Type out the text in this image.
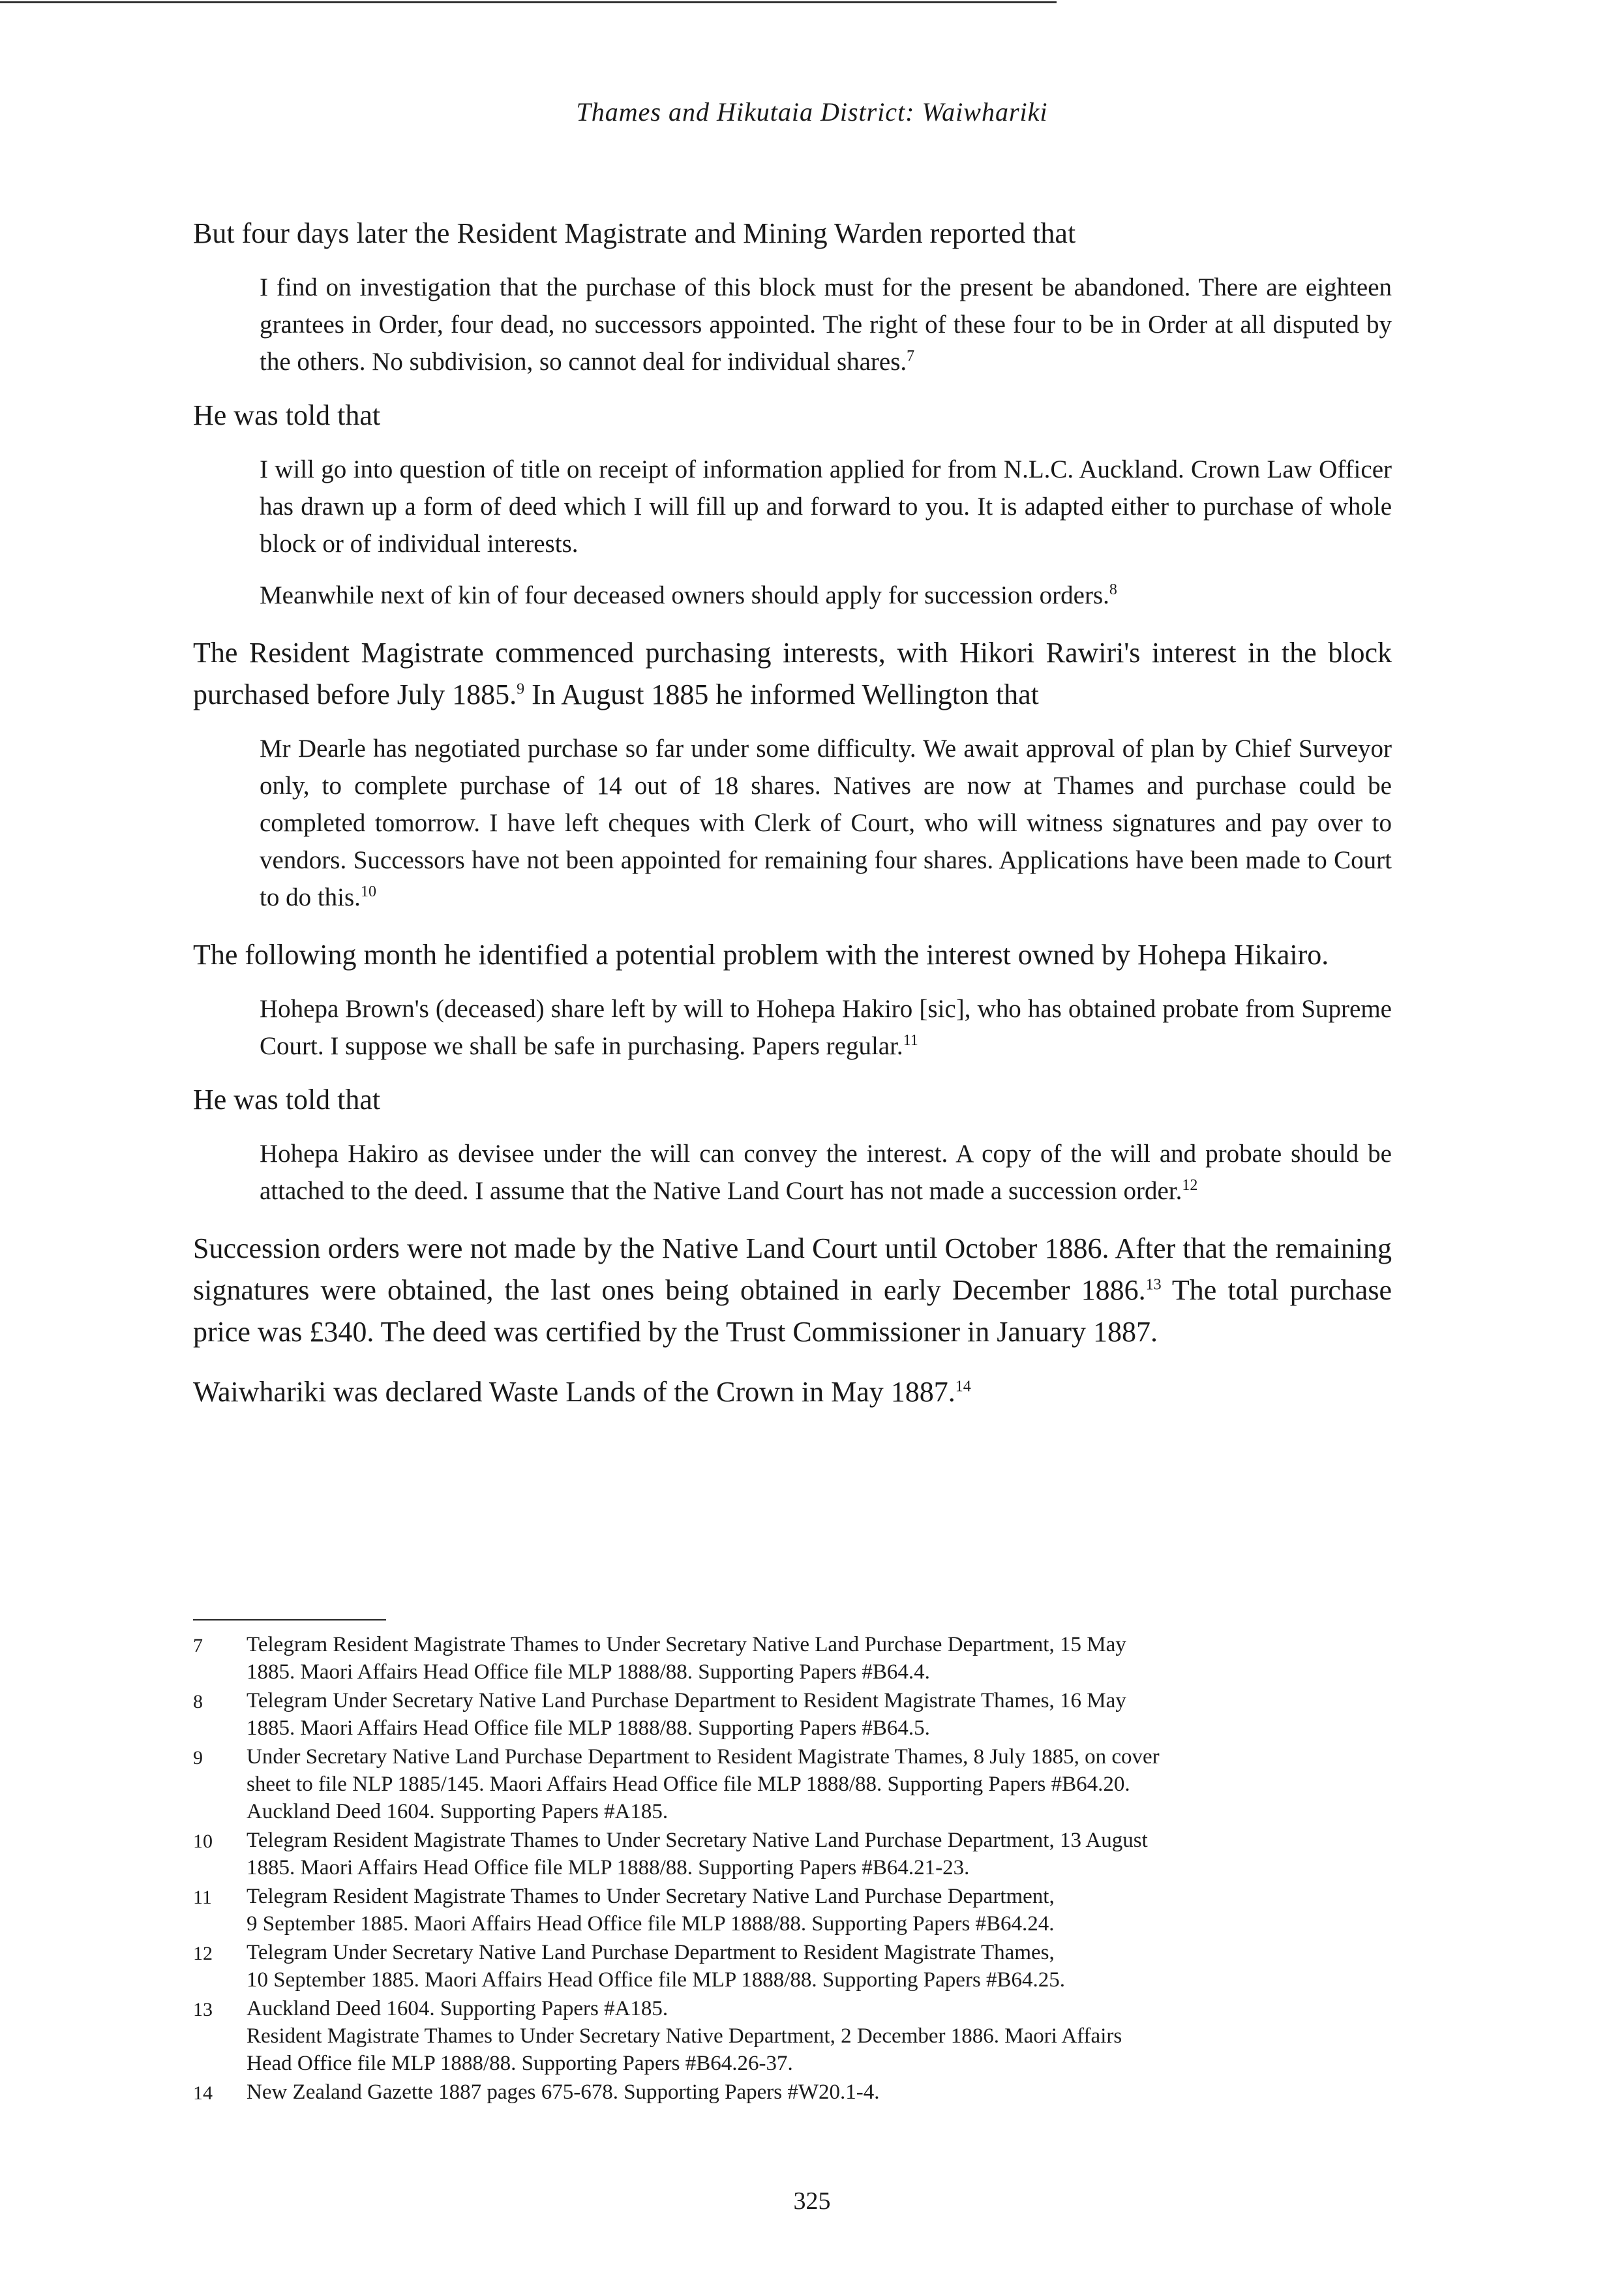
Thames and Hikutaia District: Waiwhariki

But four days later the Resident Magistrate and Mining Warden reported that

I find on investigation that the purchase of this block must for the present be abandoned. There are eighteen grantees in Order, four dead, no successors appointed. The right of these four to be in Order at all disputed by the others. No subdivision, so cannot deal for individual shares.$^7$

He was told that

I will go into question of title on receipt of information applied for from N.L.C. Auckland. Crown Law Officer has drawn up a form of deed which I will fill up and forward to you. It is adapted either to purchase of whole block or of individual interests.

Meanwhile next of kin of four deceased owners should apply for succession orders.$^8$

The Resident Magistrate commenced purchasing interests, with Hikori Rawiri's interest in the block purchased before July 1885.$^9$ In August 1885 he informed Wellington that

Mr Dearle has negotiated purchase so far under some difficulty. We await approval of plan by Chief Surveyor only, to complete purchase of 14 out of 18 shares. Natives are now at Thames and purchase could be completed tomorrow. I have left cheques with Clerk of Court, who will witness signatures and pay over to vendors. Successors have not been appointed for remaining four shares. Applications have been made to Court to do this.$^{10}$

The following month he identified a potential problem with the interest owned by Hohepa Hikairo.

Hohepa Brown's (deceased) share left by will to Hohepa Hakiro [sic], who has obtained probate from Supreme Court. I suppose we shall be safe in purchasing. Papers regular.$^{11}$

He was told that

Hohepa Hakiro as devisee under the will can convey the interest. A copy of the will and probate should be attached to the deed. I assume that the Native Land Court has not made a succession order.$^{12}$

Succession orders were not made by the Native Land Court until October 1886. After that the remaining signatures were obtained, the last ones being obtained in early December 1886.13 The total purchase price was £340. The deed was certified by the Trust Commissioner in January 1887.

Waiwhariki was declared Waste Lands of the Crown in May 1887.14

7	Telegram Resident Magistrate Thames to Under Secretary Native Land Purchase Department, 15 May
1885. Maori Affairs Head Office file MLP 1888/88. Supporting Papers #B64.4.
8	Telegram Under Secretary Native Land Purchase Department to Resident Magistrate Thames, 16 May
1885. Maori Affairs Head Office file MLP 1888/88. Supporting Papers #B64.5.
9	Under Secretary Native Land Purchase Department to Resident Magistrate Thames, 8 July 1885, on cover
sheet to file NLP 1885/145. Maori Affairs Head Office file MLP 1888/88. Supporting Papers #B64.20.
Auckland Deed 1604. Supporting Papers #A185.
10	Telegram Resident Magistrate Thames to Under Secretary Native Land Purchase Department, 13 August
1885. Maori Affairs Head Office file MLP 1888/88. Supporting Papers #B64.21-23.
11	Telegram Resident Magistrate Thames to Under Secretary Native Land Purchase Department,
9 September 1885. Maori Affairs Head Office file MLP 1888/88. Supporting Papers #B64.24.
12	Telegram Under Secretary Native Land Purchase Department to Resident Magistrate Thames,
10 September 1885. Maori Affairs Head Office file MLP 1888/88. Supporting Papers #B64.25.
13	Auckland Deed 1604. Supporting Papers #A185.
Resident Magistrate Thames to Under Secretary Native Department, 2 December 1886. Maori Affairs
Head Office file MLP 1888/88. Supporting Papers #B64.26-37.
14	New Zealand Gazette 1887 pages 675-678. Supporting Papers #W20.1-4.
325
